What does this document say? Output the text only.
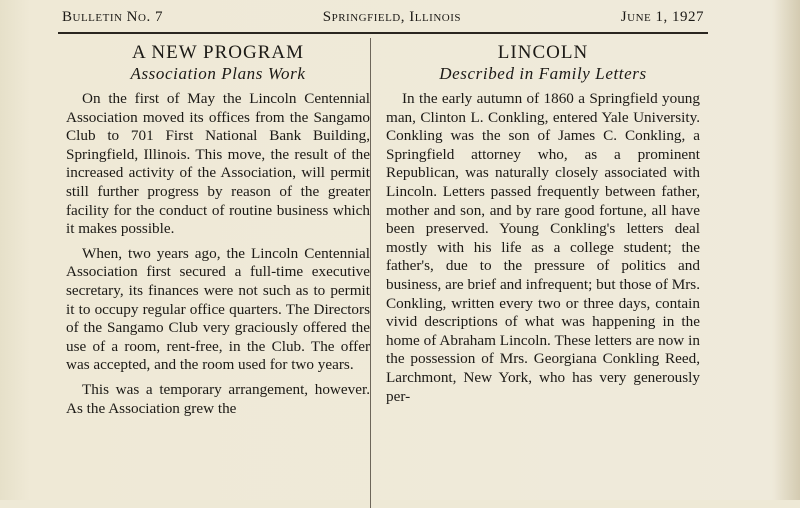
Bulletin No. 7	Springfield, Illinois	June 1, 1927
A NEW PROGRAM
Association Plans Work

On the first of May the Lincoln Centennial Association moved its offices from the Sangamo Club to 701 First National Bank Building, Springfield, Illinois. This move, the result of the increased activity of the Association, will permit still further progress by reason of the greater facility for the conduct of routine business which it makes possible.

When, two years ago, the Lincoln Centennial Association first secured a full-time executive secretary, its finances were not such as to permit it to occupy regular office quarters. The Directors of the Sangamo Club very graciously offered the use of a room, rent-free, in the Club. The offer was accepted, and the room used for two years.

This was a temporary arrangement, however. As the Association grew the

LINCOLN
Described in Family Letters

In the early autumn of 1860 a Springfield young man, Clinton L. Conkling, entered Yale University. Conkling was the son of James C. Conkling, a Springfield attorney who, as a prominent Republican, was naturally closely associated with Lincoln. Letters passed frequently between father, mother and son, and by rare good fortune, all have been preserved. Young Conkling's letters deal mostly with his life as a college student; the father's, due to the pressure of politics and business, are brief and infrequent; but those of Mrs. Conkling, written every two or three days, contain vivid descriptions of what was happening in the home of Abraham Lincoln. These letters are now in the possession of Mrs. Georgiana Conkling Reed, Larchmont, New York, who has very generously per-
